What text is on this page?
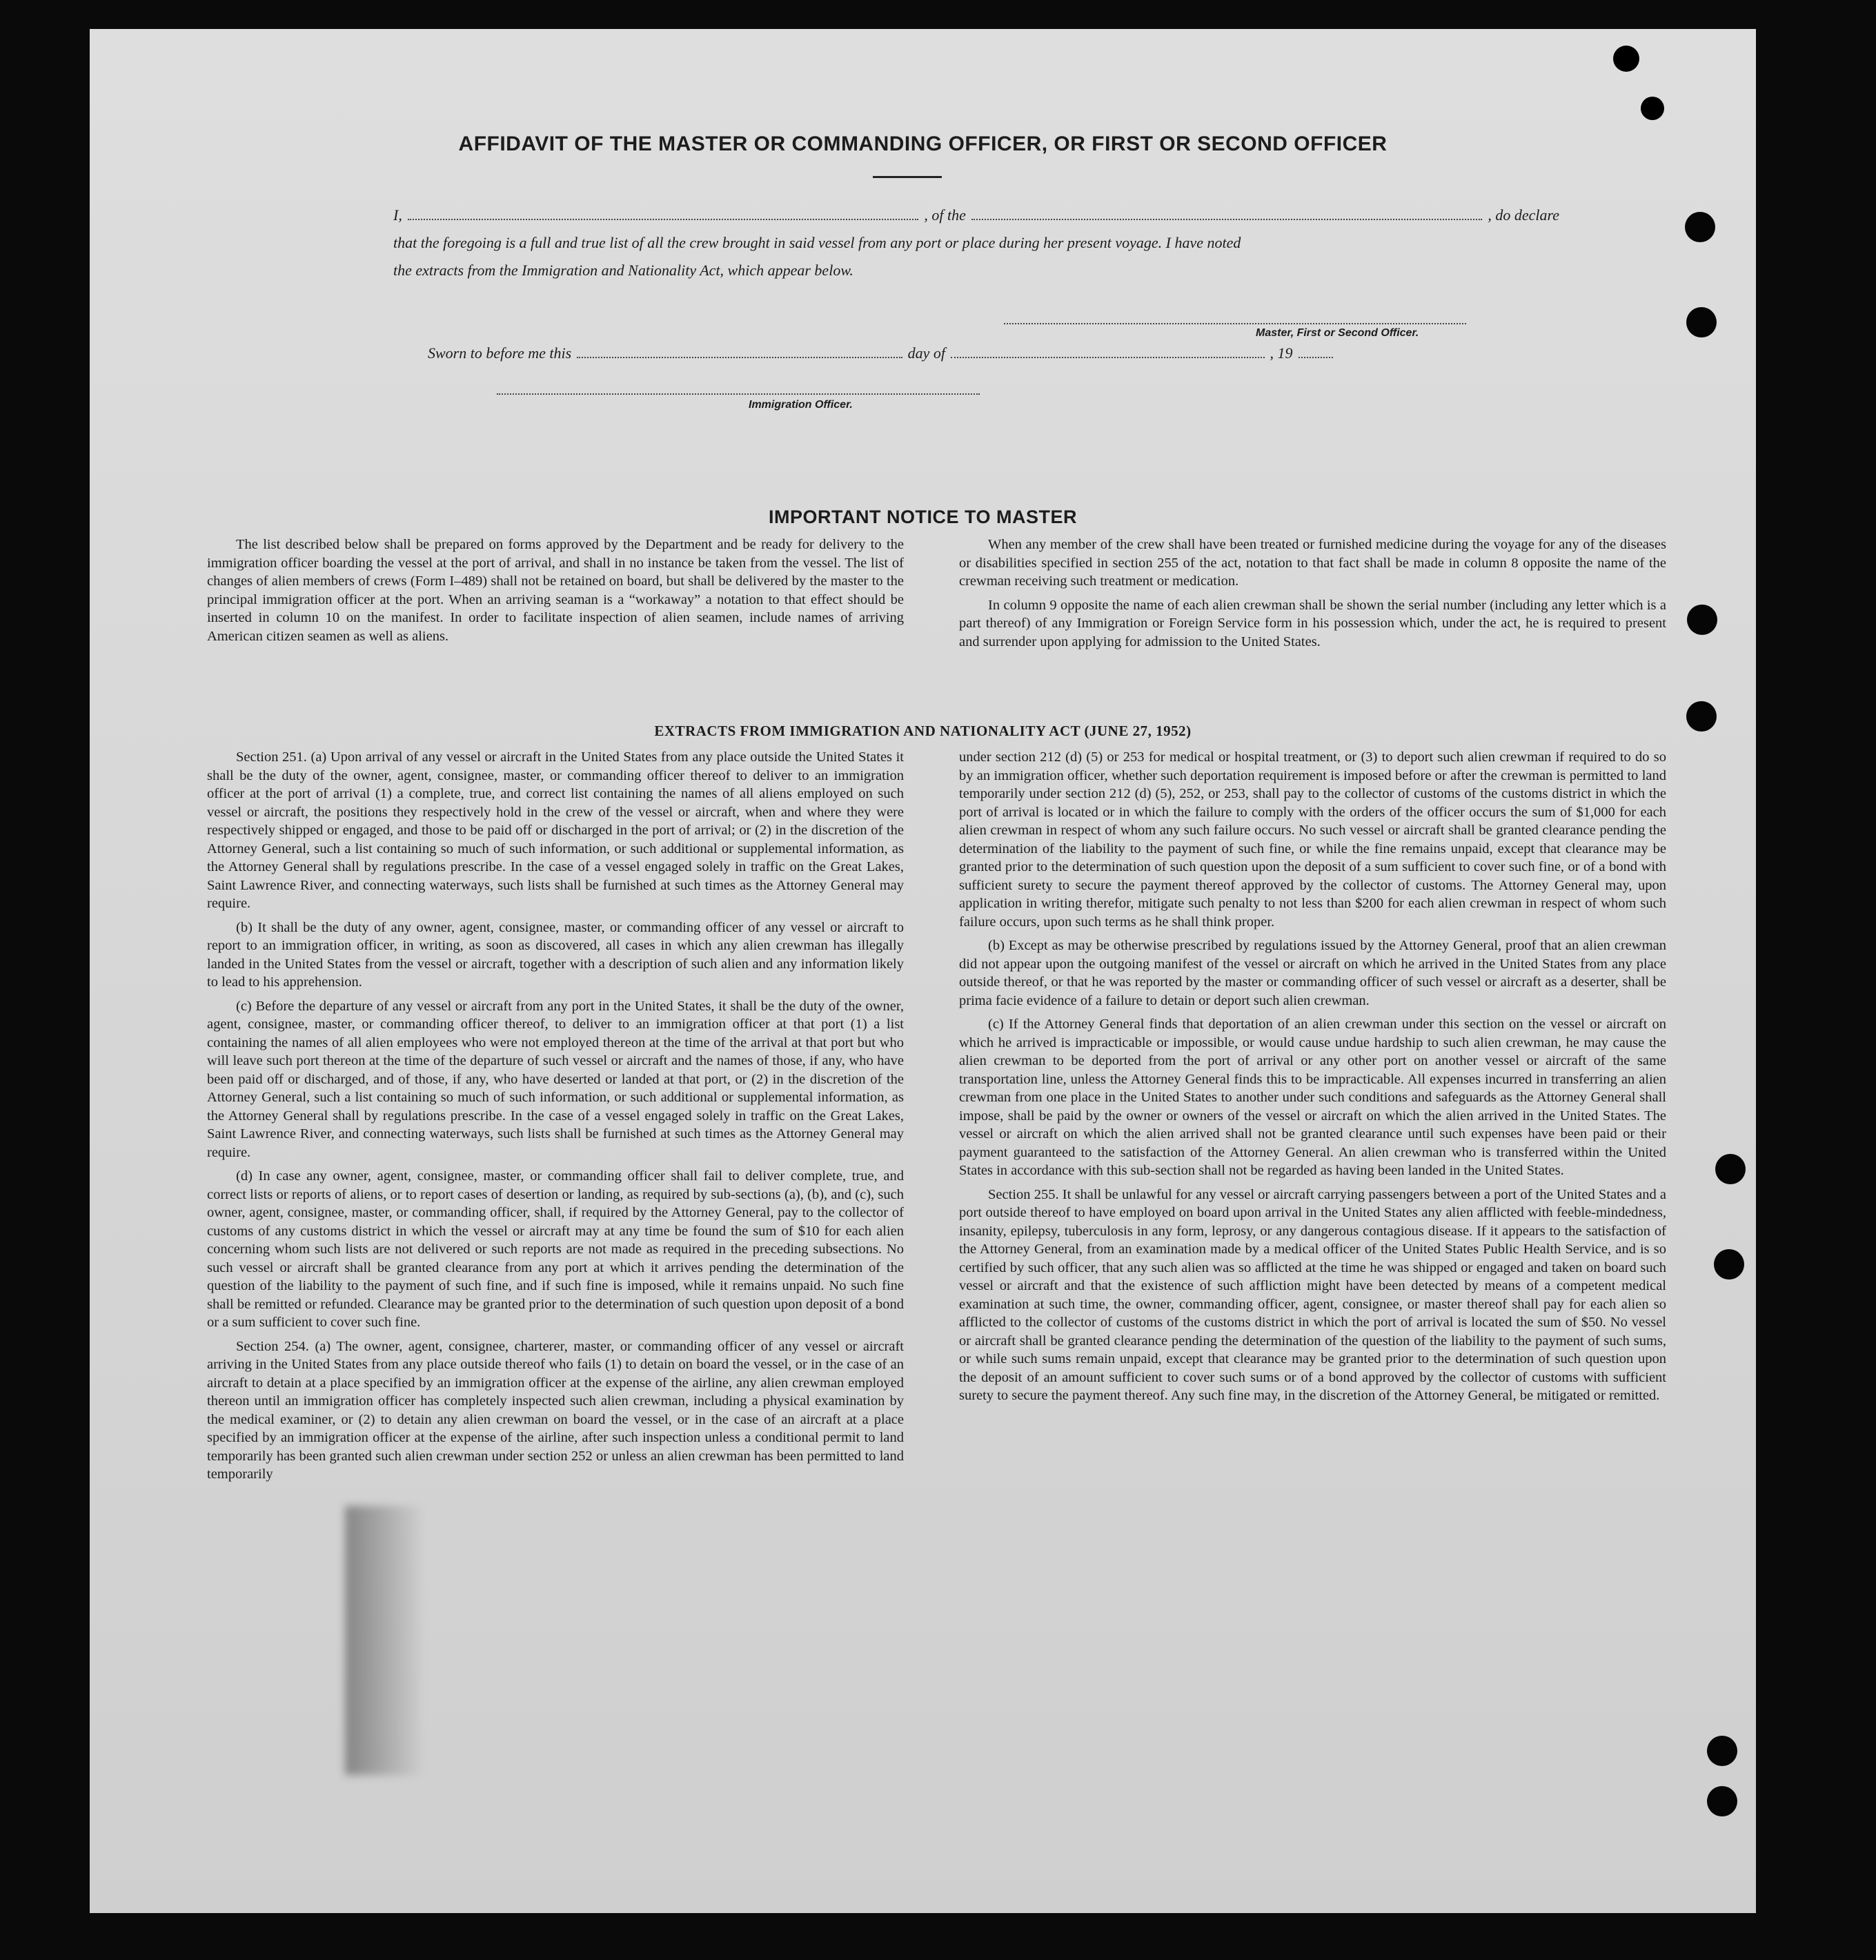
AFFIDAVIT OF THE MASTER OR COMMANDING OFFICER, OR FIRST OR SECOND OFFICER
I,	, of the	, do declare
that the foregoing is a full and true list of all the crew brought in said vessel from any port or place during her present voyage. I have noted
the extracts from the Immigration and Nationality Act, which appear below.
Master, First or Second Officer.
Sworn to before me this	day of	, 19
Immigration Officer.
IMPORTANT NOTICE TO MASTER

The list described below shall be prepared on forms approved by the Department and be ready for delivery to the immigration officer boarding the vessel at the port of arrival, and shall in no instance be taken from the vessel. The list of changes of alien members of crews (Form I–489) shall not be retained on board, but shall be delivered by the master to the principal immigration officer at the port. When an arriving seaman is a “workaway” a notation to that effect should be inserted in column 10 on the manifest. In order to facilitate inspection of alien seamen, include names of arriving American citizen seamen as well as aliens.

When any member of the crew shall have been treated or furnished medicine during the voyage for any of the diseases or disabilities specified in section 255 of the act, notation to that fact shall be made in column 8 opposite the name of the crewman receiving such treatment or medication.

In column 9 opposite the name of each alien crewman shall be shown the serial number (including any letter which is a part thereof) of any Immigration or Foreign Service form in his possession which, under the act, he is required to present and surrender upon applying for admission to the United States.

EXTRACTS FROM IMMIGRATION AND NATIONALITY ACT (JUNE 27, 1952)

Section 251. (a) Upon arrival of any vessel or aircraft in the United States from any place outside the United States it shall be the duty of the owner, agent, consignee, master, or commanding officer thereof to deliver to an immigration officer at the port of arrival (1) a complete, true, and correct list containing the names of all aliens employed on such vessel or aircraft, the positions they respectively hold in the crew of the vessel or aircraft, when and where they were respectively shipped or engaged, and those to be paid off or discharged in the port of arrival; or (2) in the discretion of the Attorney General, such a list containing so much of such information, or such additional or supplemental information, as the Attorney General shall by regulations prescribe. In the case of a vessel engaged solely in traffic on the Great Lakes, Saint Lawrence River, and connecting waterways, such lists shall be furnished at such times as the Attorney General may require.

(b) It shall be the duty of any owner, agent, consignee, master, or commanding officer of any vessel or aircraft to report to an immigration officer, in writing, as soon as discovered, all cases in which any alien crewman has illegally landed in the United States from the vessel or aircraft, together with a description of such alien and any information likely to lead to his apprehension.

(c) Before the departure of any vessel or aircraft from any port in the United States, it shall be the duty of the owner, agent, consignee, master, or commanding officer thereof, to deliver to an immigration officer at that port (1) a list containing the names of all alien employees who were not employed thereon at the time of the arrival at that port but who will leave such port thereon at the time of the departure of such vessel or aircraft and the names of those, if any, who have been paid off or discharged, and of those, if any, who have deserted or landed at that port, or (2) in the discretion of the Attorney General, such a list containing so much of such information, or such additional or supplemental information, as the Attorney General shall by regulations prescribe. In the case of a vessel engaged solely in traffic on the Great Lakes, Saint Lawrence River, and connecting waterways, such lists shall be furnished at such times as the Attorney General may require.

(d) In case any owner, agent, consignee, master, or commanding officer shall fail to deliver complete, true, and correct lists or reports of aliens, or to report cases of desertion or landing, as required by sub-sections (a), (b), and (c), such owner, agent, consignee, master, or commanding officer, shall, if required by the Attorney General, pay to the collector of customs of any customs district in which the vessel or aircraft may at any time be found the sum of $10 for each alien concerning whom such lists are not delivered or such reports are not made as required in the preceding subsections. No such vessel or aircraft shall be granted clearance from any port at which it arrives pending the determination of the question of the liability to the payment of such fine, and if such fine is imposed, while it remains unpaid. No such fine shall be remitted or refunded. Clearance may be granted prior to the determination of such question upon deposit of a bond or a sum sufficient to cover such fine.

Section 254. (a) The owner, agent, consignee, charterer, master, or commanding officer of any vessel or aircraft arriving in the United States from any place outside thereof who fails (1) to detain on board the vessel, or in the case of an aircraft to detain at a place specified by an immigration officer at the expense of the airline, any alien crewman employed thereon until an immigration officer has completely inspected such alien crewman, including a physical examination by the medical examiner, or (2) to detain any alien crewman on board the vessel, or in the case of an aircraft at a place specified by an immigration officer at the expense of the airline, after such inspection unless a conditional permit to land temporarily has been granted such alien crewman under section 252 or unless an alien crewman has been permitted to land temporarily

under section 212 (d) (5) or 253 for medical or hospital treatment, or (3) to deport such alien crewman if required to do so by an immigration officer, whether such deportation requirement is imposed before or after the crewman is permitted to land temporarily under section 212 (d) (5), 252, or 253, shall pay to the collector of customs of the customs district in which the port of arrival is located or in which the failure to comply with the orders of the officer occurs the sum of $1,000 for each alien crewman in respect of whom any such failure occurs. No such vessel or aircraft shall be granted clearance pending the determination of the liability to the payment of such fine, or while the fine remains unpaid, except that clearance may be granted prior to the determination of such question upon the deposit of a sum sufficient to cover such fine, or of a bond with sufficient surety to secure the payment thereof approved by the collector of customs. The Attorney General may, upon application in writing therefor, mitigate such penalty to not less than $200 for each alien crewman in respect of whom such failure occurs, upon such terms as he shall think proper.

(b) Except as may be otherwise prescribed by regulations issued by the Attorney General, proof that an alien crewman did not appear upon the outgoing manifest of the vessel or aircraft on which he arrived in the United States from any place outside thereof, or that he was reported by the master or commanding officer of such vessel or aircraft as a deserter, shall be prima facie evidence of a failure to detain or deport such alien crewman.

(c) If the Attorney General finds that deportation of an alien crewman under this section on the vessel or aircraft on which he arrived is impracticable or impossible, or would cause undue hardship to such alien crewman, he may cause the alien crewman to be deported from the port of arrival or any other port on another vessel or aircraft of the same transportation line, unless the Attorney General finds this to be impracticable. All expenses incurred in transferring an alien crewman from one place in the United States to another under such conditions and safeguards as the Attorney General shall impose, shall be paid by the owner or owners of the vessel or aircraft on which the alien arrived in the United States. The vessel or aircraft on which the alien arrived shall not be granted clearance until such expenses have been paid or their payment guaranteed to the satisfaction of the Attorney General. An alien crewman who is transferred within the United States in accordance with this sub-section shall not be regarded as having been landed in the United States.

Section 255. It shall be unlawful for any vessel or aircraft carrying passengers between a port of the United States and a port outside thereof to have employed on board upon arrival in the United States any alien afflicted with feeble-mindedness, insanity, epilepsy, tuberculosis in any form, leprosy, or any dangerous contagious disease. If it appears to the satisfaction of the Attorney General, from an examination made by a medical officer of the United States Public Health Service, and is so certified by such officer, that any such alien was so afflicted at the time he was shipped or engaged and taken on board such vessel or aircraft and that the existence of such affliction might have been detected by means of a competent medical examination at such time, the owner, commanding officer, agent, consignee, or master thereof shall pay for each alien so afflicted to the collector of customs of the customs district in which the port of arrival is located the sum of $50. No vessel or aircraft shall be granted clearance pending the determination of the question of the liability to the payment of such sums, or while such sums remain unpaid, except that clearance may be granted prior to the determination of such question upon the deposit of an amount sufficient to cover such sums or of a bond approved by the collector of customs with sufficient surety to secure the payment thereof. Any such fine may, in the discretion of the Attorney General, be mitigated or remitted.
